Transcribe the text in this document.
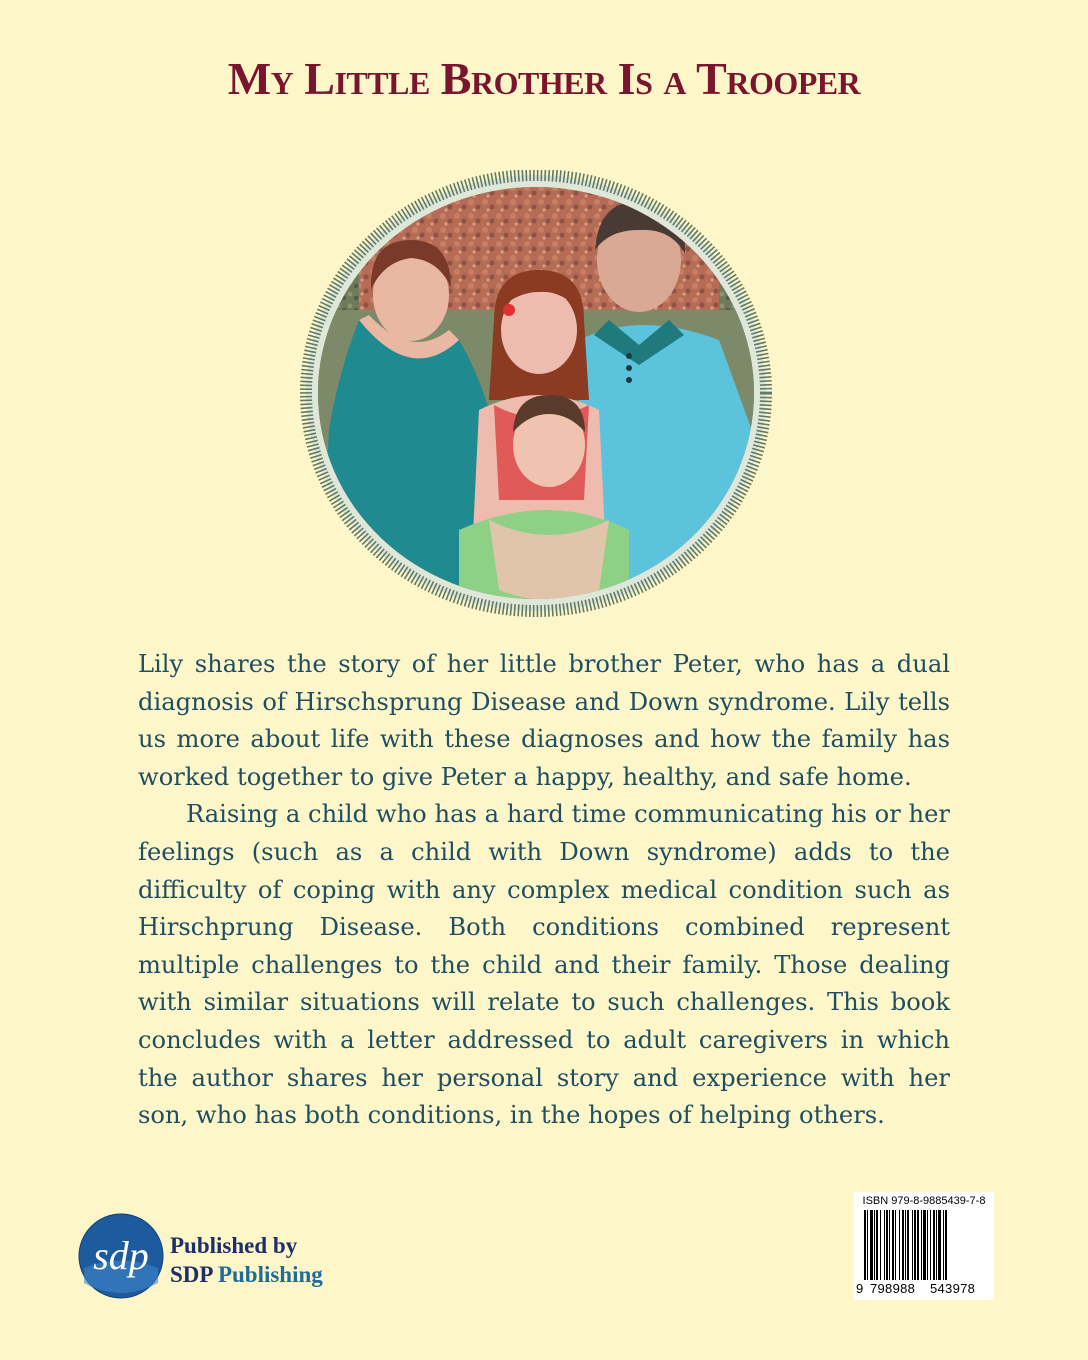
My Little Brother Is a Trooper

Lily shares the story of her little brother Peter, who has a dual diagnosis of Hirschsprung Disease and Down syndrome. Lily tells us more about life with these diagnoses and how the family has worked together to give Peter a happy, healthy, and safe home.

Raising a child who has a hard time communicating his or her feelings (such as a child with Down syndrome) adds to the difficulty of coping with any complex medical condition such as Hirschprung Disease. Both conditions combined represent multiple challenges to the child and their family. Those dealing with similar situations will relate to such challenges. This book concludes with a letter addressed to adult caregivers in which the author shares her personal story and experience with her son, who has both conditions, in the hopes of helping others.

sdp Published by
SDP Publishing
ISBN 979-8-9885439-7-8
9 798988 543978
